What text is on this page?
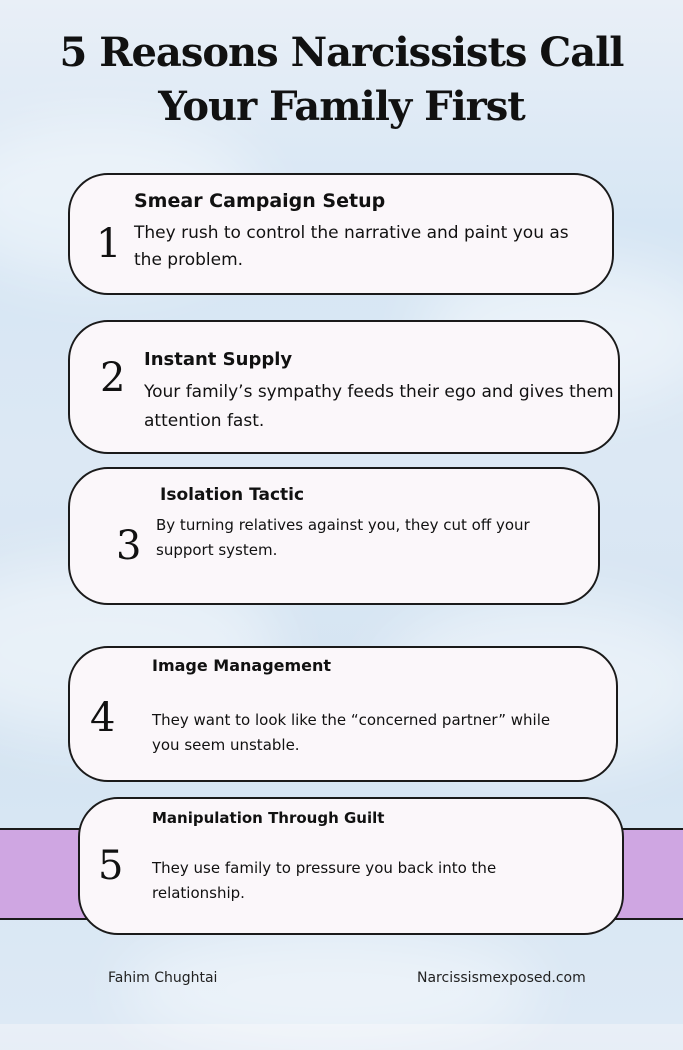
5 Reasons Narcissists Call
Your Family First
1
Smear Campaign Setup
They rush to control the narrative and paint you as the problem.
2 Instant Supply
Your family’s sympathy feeds their ego and gives them attention fast.
3
Isolation Tactic
By turning relatives against you, they cut off your support system.
4
Image Management
They want to look like the “concerned partner” while you seem unstable.
5
Manipulation Through Guilt
They use family to pressure you back into the relationship.
Fahim Chughtai	Narcissismexposed.com
